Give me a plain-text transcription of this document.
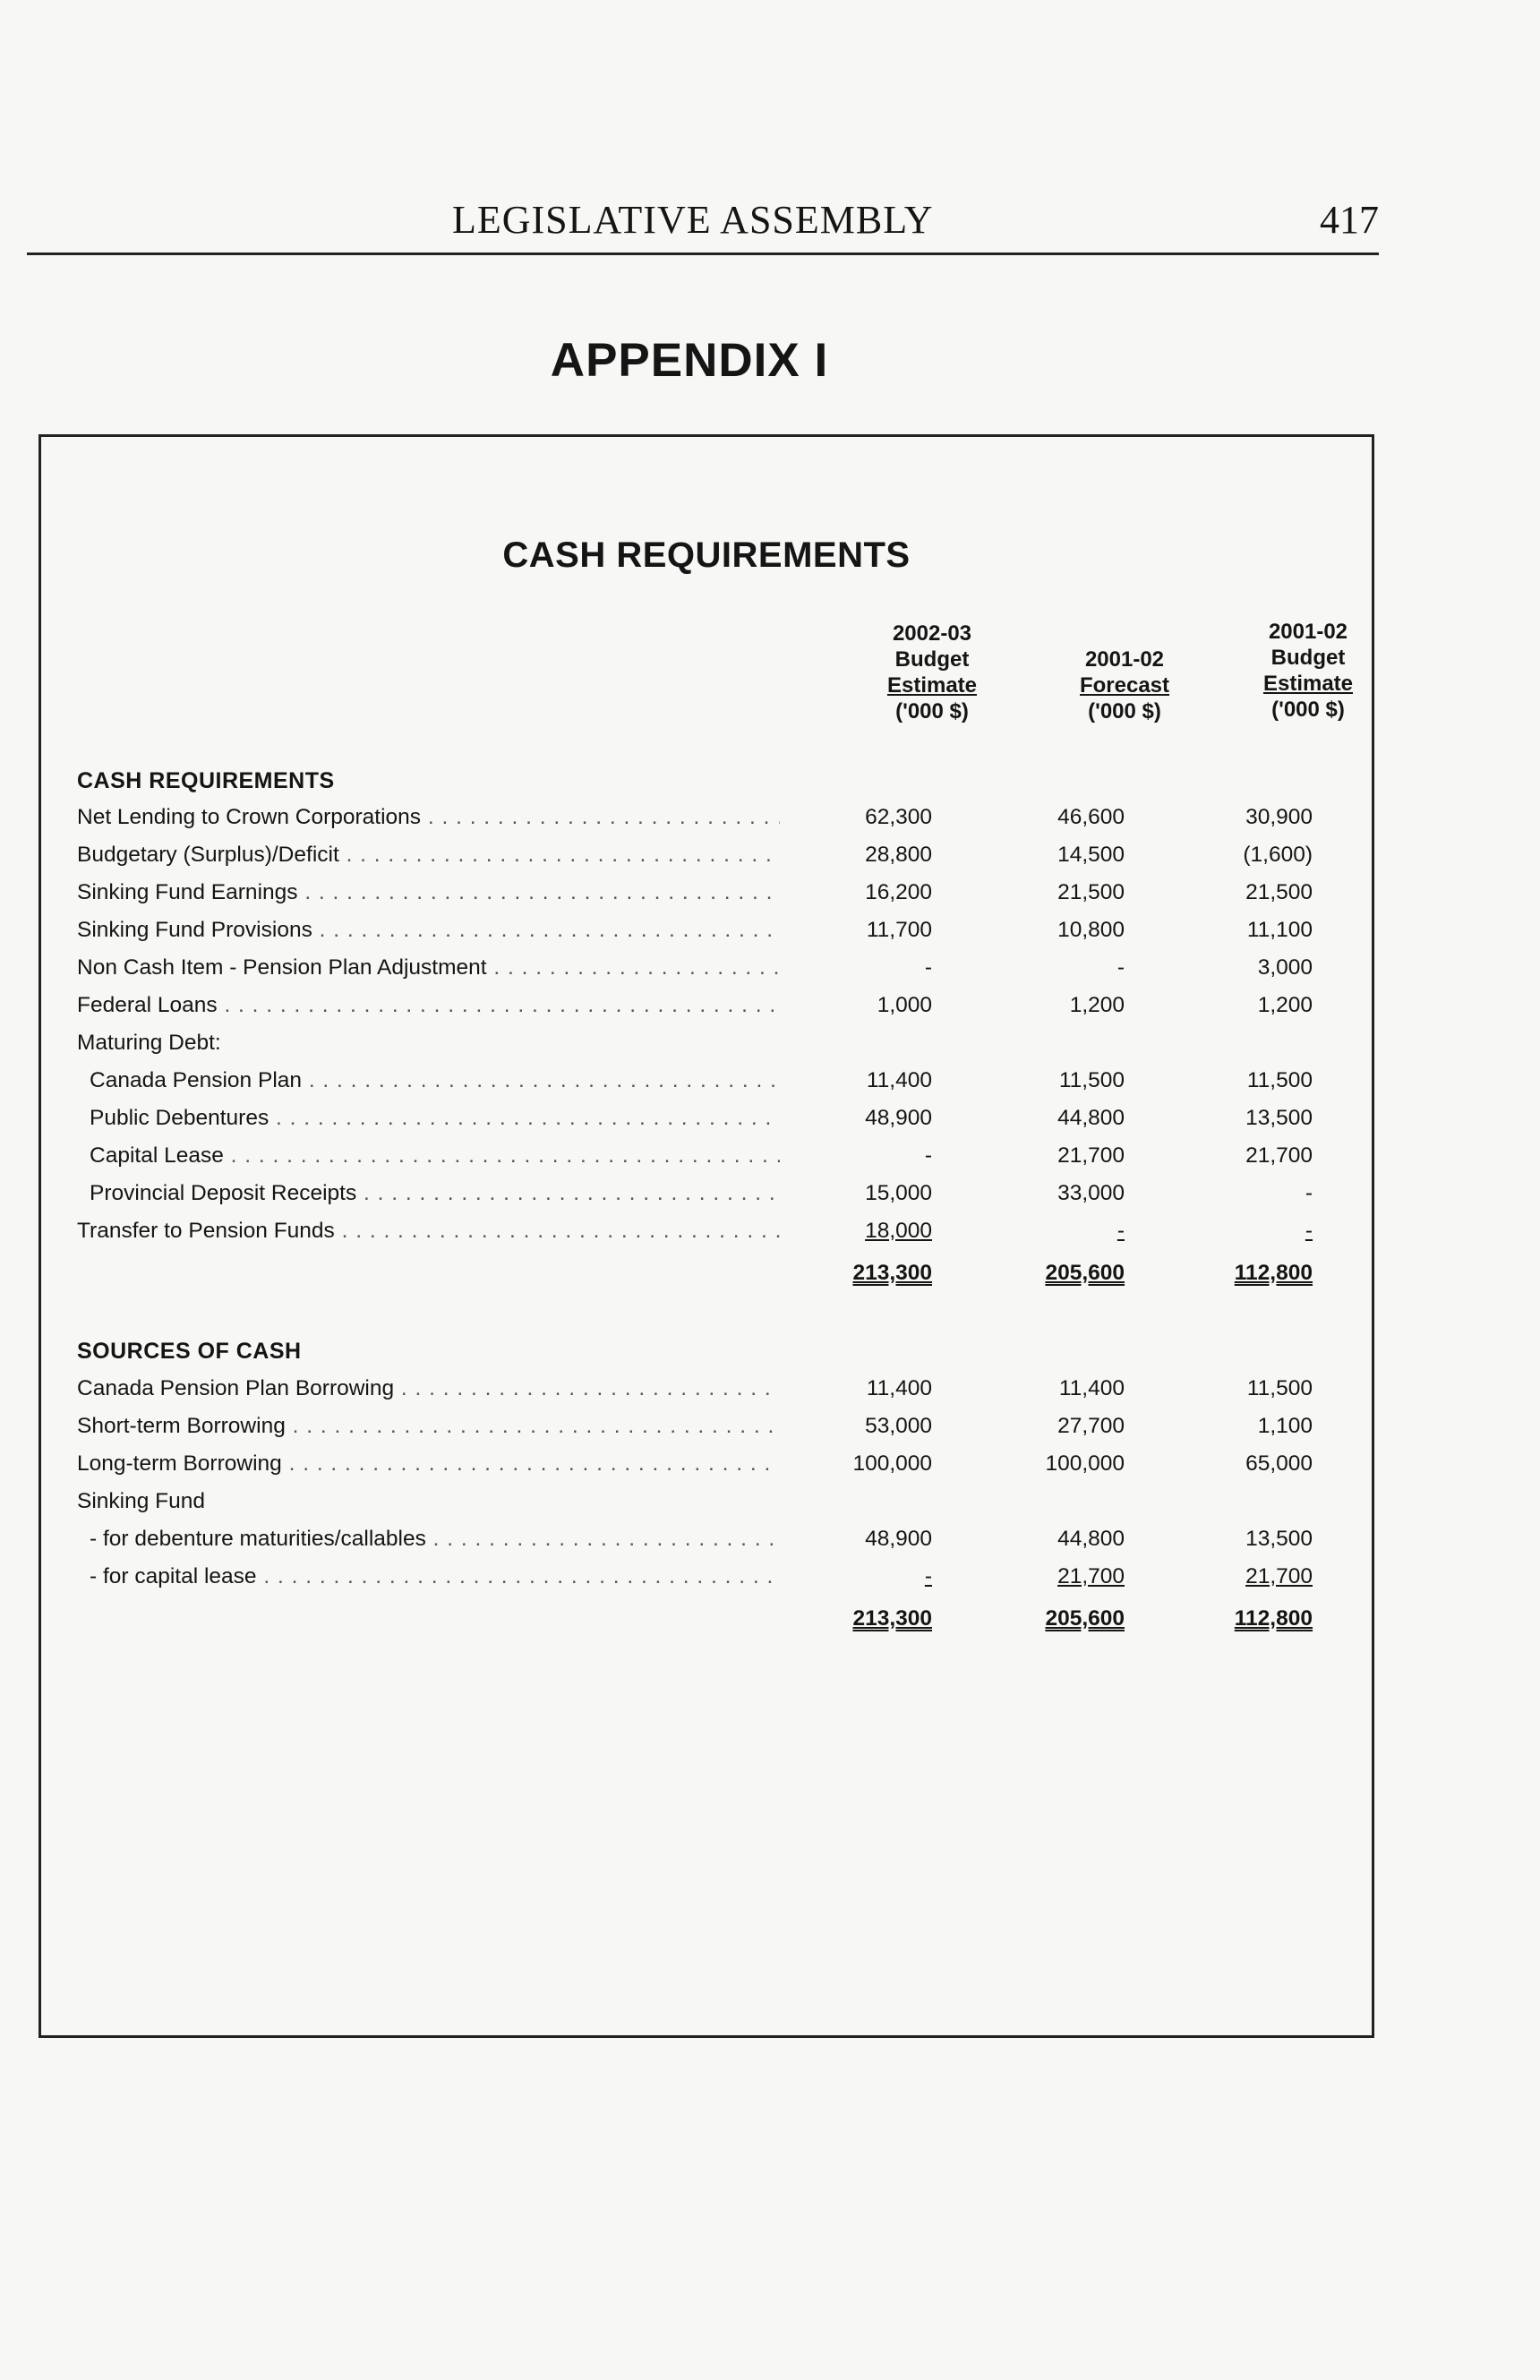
LEGISLATIVE ASSEMBLY	417
APPENDIX I
CASH REQUIREMENTS
2002-03
Budget
Estimate
('000 $)

2001-02
Forecast
('000 $)
2001-02
Budget
Estimate
('000 $)
CASH REQUIREMENTS
Net Lending to Crown Corporations . . .	62,300	46,600	30,900
Budgetary (Surplus)/Deficit . . .	28,800	14,500	(1,600)
Sinking Fund Earnings . . .	16,200	21,500	21,500
Sinking Fund Provisions . . .	11,700	10,800	11,100
Non Cash Item - Pension Plan Adjustment . . .	-	-	3,000
Federal Loans . . .	1,000	1,200	1,200
Maturing Debt:
Canada Pension Plan . . .	11,400	11,500	11,500
Public Debentures . . .	48,900	44,800	13,500
Capital Lease . . .	-	21,700	21,700
Provincial Deposit Receipts . . .	15,000	33,000	-
Transfer to Pension Funds . . .	18,000	-	-
213,300	205,600	112,800
SOURCES OF CASH
Canada Pension Plan Borrowing . . .	11,400	11,400	11,500
Short-term Borrowing . . .	53,000	27,700	1,100
Long-term Borrowing . . .	100,000	100,000	65,000
Sinking Fund
- for debenture maturities/callables . . .	48,900	44,800	13,500
- for capital lease . . .	-	21,700	21,700
213,300	205,600	112,800
